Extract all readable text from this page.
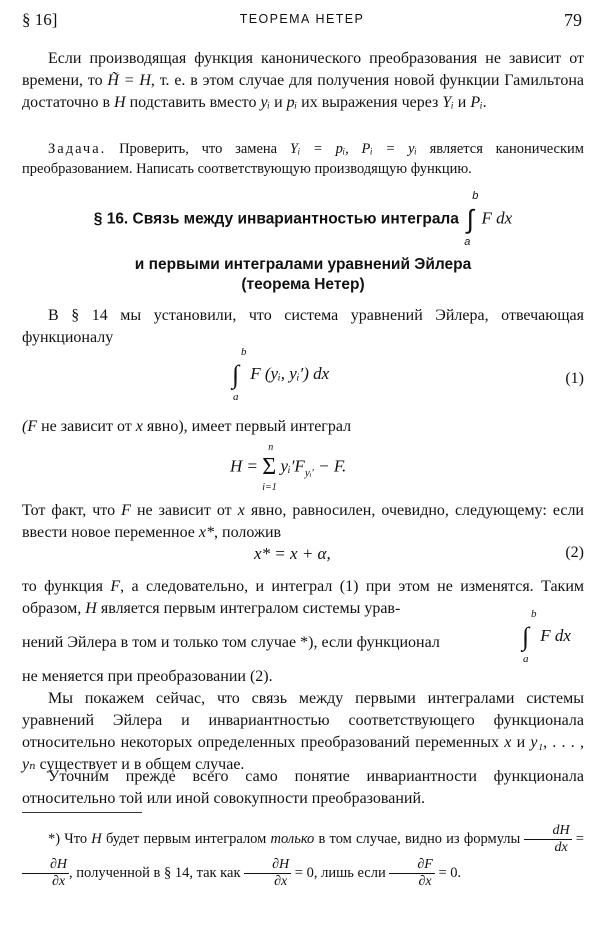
§ 16]	ТЕОРЕМА НЕТЕР	79
Если производящая функция канонического преобразования не зависит от времени, то H̃ = H, т. е. в этом случае для получения новой функции Гамильтона достаточно в H подставить вместо yᵢ и pᵢ их выражения через Yᵢ и Pᵢ.
Задача. Проверить, что замена Yᵢ = pᵢ, Pᵢ = yᵢ является каноническим преобразованием. Написать соответствующую производящую функцию.
§ 16. Связь между инвариантностью интеграла ∫
b
a
F dx
и первыми интегралами уравнений Эйлера
(теорема Нетер)
В § 14 мы установили, что система уравнений Эйлера, отвечающая функционалу
∫
b
a
F (yᵢ, yᵢ′) dx	(1)
(F не зависит от x явно), имеет первый интеграл
H = Σ
n
i=1
$yᵢ'F_{yᵢ'} - F$.
Тот факт, что F не зависит от x явно, равносилен, очевидно, следующему: если ввести новое переменное x*, положив
x* = x + α,	(2)
то функция F, а следовательно, и интеграл (1) при этом не изменятся. Таким образом, H является первым интегралом системы урав-
нений Эйлера в том и только том случае *), если функционал	∫
b
a
F dx
не меняется при преобразовании (2).
Мы покажем сейчас, что связь между первыми интегралами системы уравнений Эйлера и инвариантностью соответствующего функционала относительно некоторых определенных преобразований переменных x и y₁, . . . , yₙ существует и в общем случае.
Уточним прежде всего само понятие инвариантности функционала относительно той или иной совокупности преобразований.
*) Что H будет первым интегралом только в том случае, видно из формулы $\frac{dH}{dx}$ =
$\frac{\partial H}{\partial x}$ , полученной в § 14, так как $\frac{\partial H}{\partial x} = 0$, лишь если $\frac{\partial F}{\partial x} = 0$.
